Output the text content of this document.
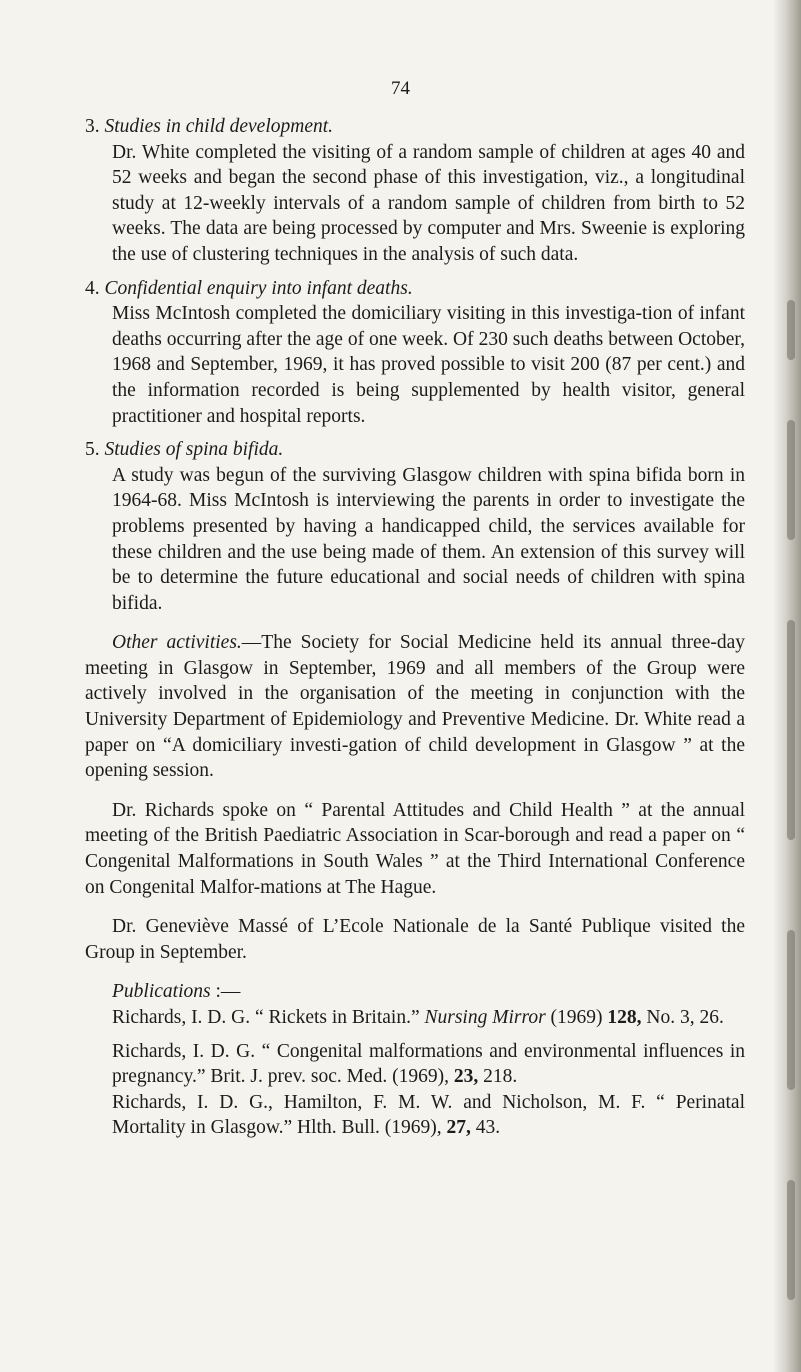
74

3. Studies in child development.

Dr. White completed the visiting of a random sample of children at ages 40 and 52 weeks and began the second phase of this investigation, viz., a longitudinal study at 12-weekly intervals of a random sample of children from birth to 52 weeks. The data are being processed by computer and Mrs. Sweenie is exploring the use of clustering techniques in the analysis of such data.

4. Confidential enquiry into infant deaths.

Miss McIntosh completed the domiciliary visiting in this investiga-tion of infant deaths occurring after the age of one week. Of 230 such deaths between October, 1968 and September, 1969, it has proved possible to visit 200 (87 per cent.) and the information recorded is being supplemented by health visitor, general practitioner and hospital reports.

5. Studies of spina bifida.

A study was begun of the surviving Glasgow children with spina bifida born in 1964-68. Miss McIntosh is interviewing the parents in order to investigate the problems presented by having a handicapped child, the services available for these children and the use being made of them. An extension of this survey will be to determine the future educational and social needs of children with spina bifida.

Other activities.—The Society for Social Medicine held its annual three-day meeting in Glasgow in September, 1969 and all members of the Group were actively involved in the organisation of the meeting in conjunction with the University Department of Epidemiology and Preventive Medicine. Dr. White read a paper on “A domiciliary investi-gation of child development in Glasgow ” at the opening session.

Dr. Richards spoke on “ Parental Attitudes and Child Health ” at the annual meeting of the British Paediatric Association in Scar-borough and read a paper on “ Congenital Malformations in South Wales ” at the Third International Conference on Congenital Malfor-mations at The Hague.

Dr. Geneviève Massé of L’Ecole Nationale de la Santé Publique visited the Group in September.

Publications :—

Richards, I. D. G. “ Rickets in Britain.” Nursing Mirror (1969) 128, No. 3, 26.

Richards, I. D. G. “ Congenital malformations and environmental influences in pregnancy.” Brit. J. prev. soc. Med. (1969), 23, 218.

Richards, I. D. G., Hamilton, F. M. W. and Nicholson, M. F. “ Perinatal Mortality in Glasgow.” Hlth. Bull. (1969), 27, 43.
